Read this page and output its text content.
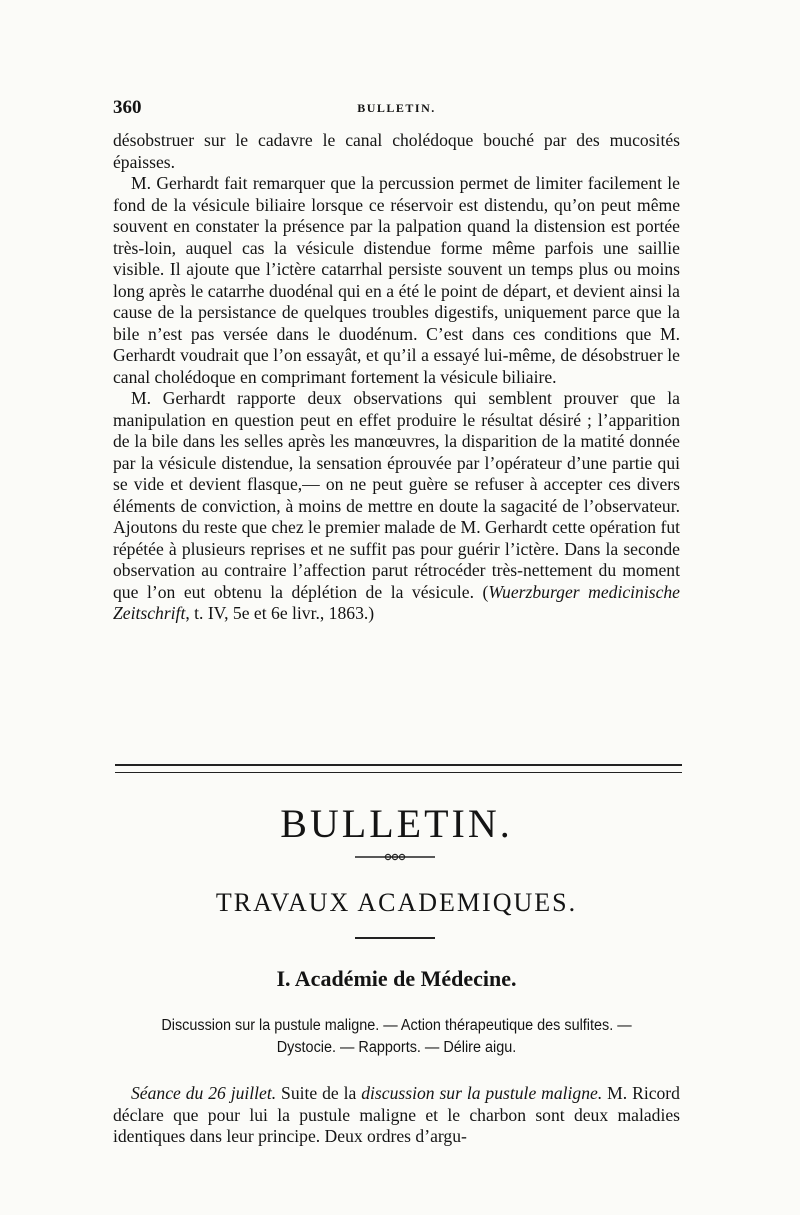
360	BULLETIN.

désobstruer sur le cadavre le canal cholédoque bouché par des mucosités épaisses.

M. Gerhardt fait remarquer que la percussion permet de limiter facilement le fond de la vésicule biliaire lorsque ce réservoir est distendu, qu’on peut même souvent en constater la présence par la palpation quand la distension est portée très-loin, auquel cas la vésicule distendue forme même parfois une saillie visible. Il ajoute que l’ictère catarrhal persiste souvent un temps plus ou moins long après le catarrhe duodénal qui en a été le point de départ, et devient ainsi la cause de la persistance de quelques troubles digestifs, uniquement parce que la bile n’est pas versée dans le duodénum. C’est dans ces conditions que M. Gerhardt voudrait que l’on essayât, et qu’il a essayé lui-même, de désobstruer le canal cholédoque en comprimant fortement la vésicule biliaire.

M. Gerhardt rapporte deux observations qui semblent prouver que la manipulation en question peut en effet produire le résultat désiré ; l’apparition de la bile dans les selles après les manœuvres, la disparition de la matité donnée par la vésicule distendue, la sensation éprouvée par l’opérateur d’une partie qui se vide et devient flasque,— on ne peut guère se refuser à accepter ces divers éléments de conviction, à moins de mettre en doute la sagacité de l’observateur. Ajoutons du reste que chez le premier malade de M. Gerhardt cette opération fut répétée à plusieurs reprises et ne suffit pas pour guérir l’ictère. Dans la seconde observation au contraire l’affection parut rétrocéder très-nettement du moment que l’on eut obtenu la déplétion de la vésicule. (Wuerzburger medicinische Zeitschrift, t. IV, 5e et 6e livr., 1863.)

BULLETIN.
TRAVAUX ACADEMIQUES.
I. Académie de Médecine.
Discussion sur la pustule maligne. — Action thérapeutique des sulfites. — Dystocie. — Rapports. — Délire aigu.

Séance du 26 juillet. Suite de la discussion sur la pustule maligne. M. Ricord déclare que pour lui la pustule maligne et le charbon sont deux maladies identiques dans leur principe. Deux ordres d’argu-
